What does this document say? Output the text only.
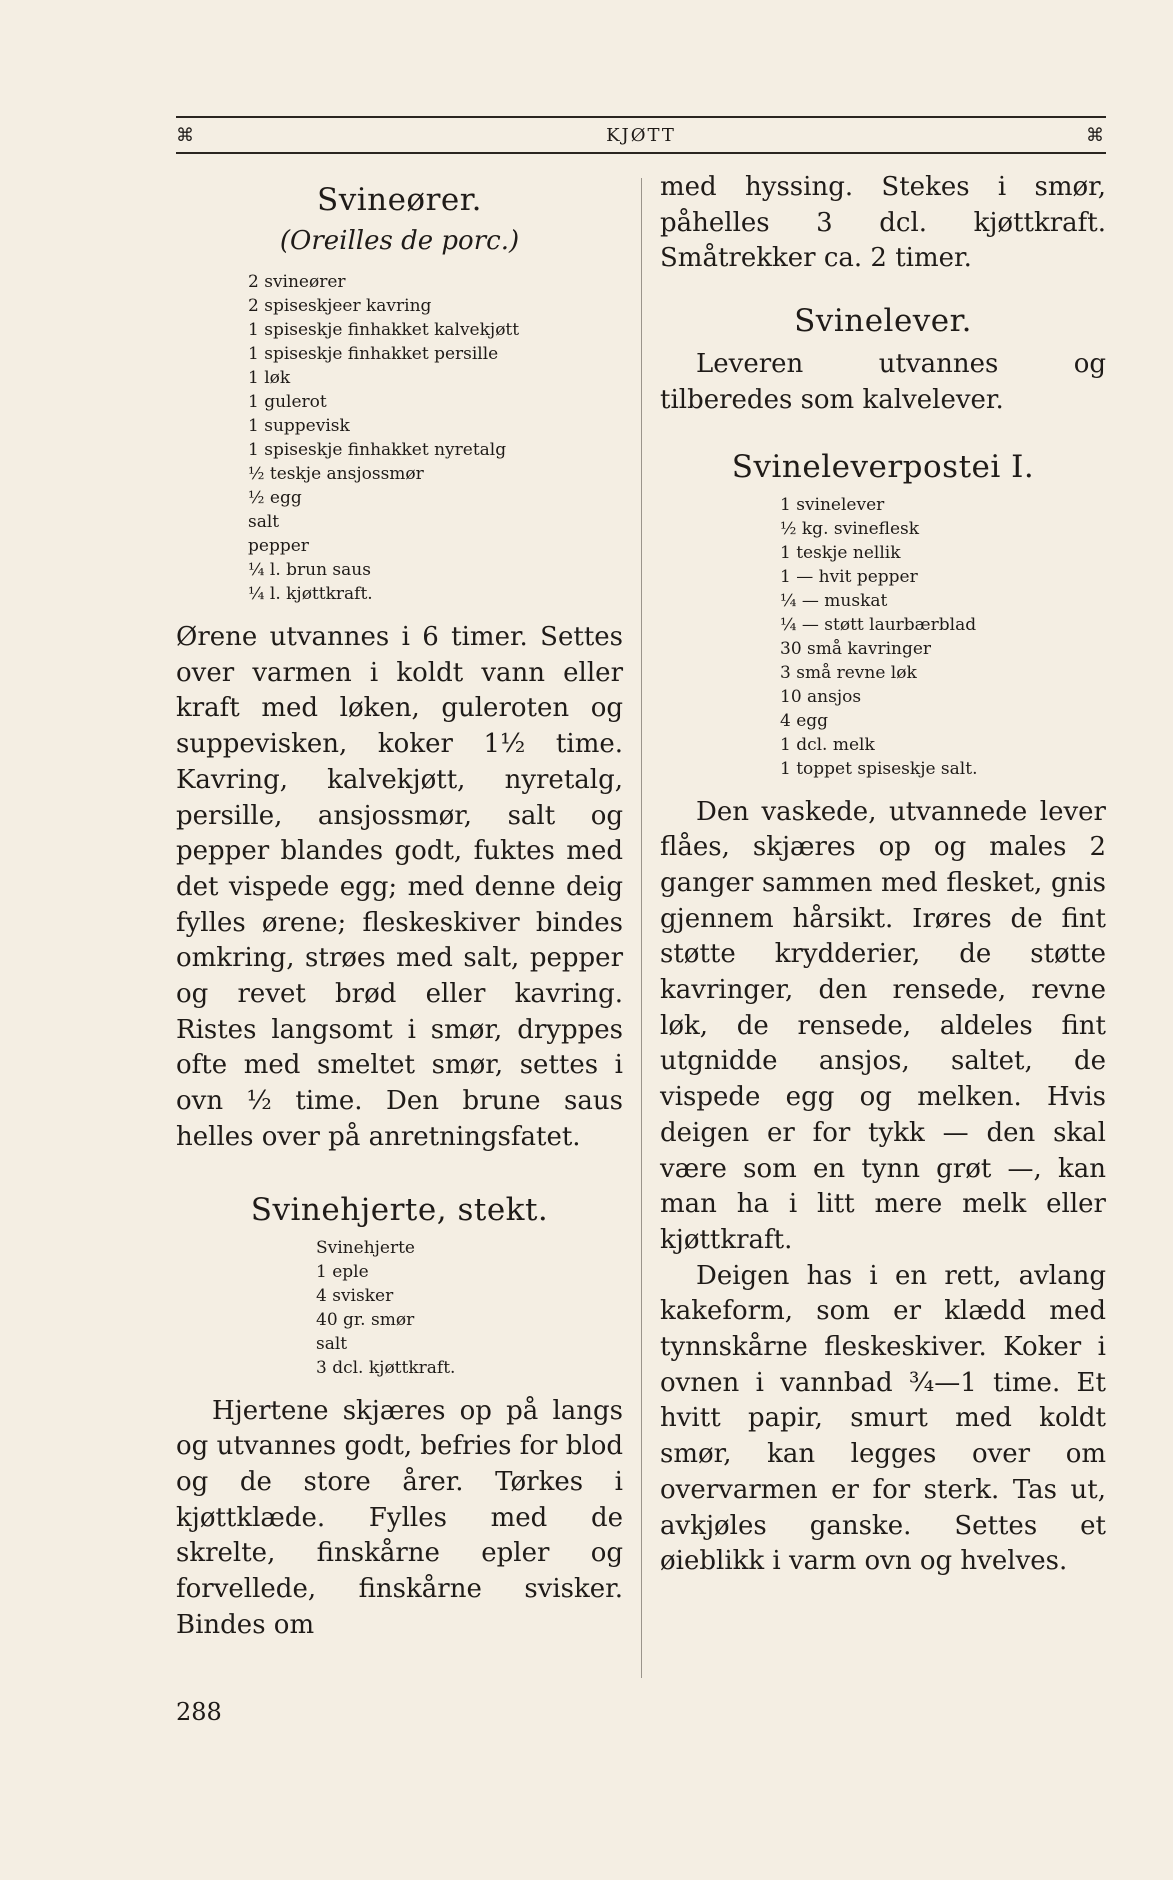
⌘	KJØTT	⌘
Svineører.
(Oreilles de porc.)
2 svineører
2 spiseskjeer kavring
1 spiseskje finhakket kalvekjøtt
1 spiseskje finhakket persille
1 løk
1 gulerot
1 suppevisk
1 spiseskje finhakket nyretalg
½ teskje ansjossmør
½ egg
salt
pepper
¼ l. brun saus
¼ l. kjøttkraft.

Ørene utvannes i 6 timer. Settes over varmen i koldt vann eller kraft med løken, guleroten og suppevisken, koker 1½ time. Kavring, kalvekjøtt, nyretalg, persille, ansjossmør, salt og pepper blandes godt, fuktes med det vispede egg; med denne deig fylles ørene; fleskeskiver bindes omkring, strøes med salt, pepper og revet brød eller kavring. Ristes langsomt i smør, dryppes ofte med smeltet smør, settes i ovn ½ time. Den brune saus helles over på anretningsfatet.

Svinehjerte, stekt.
Svinehjerte
1 eple
4 svisker
40 gr. smør
salt
3 dcl. kjøttkraft.

Hjertene skjæres op på langs og utvannes godt, befries for blod og de store årer. Tørkes i kjøttklæde. Fylles med de skrelte, finskårne epler og forvellede, finskårne svisker. Bindes om

med hyssing. Stekes i smør, påhelles 3 dcl. kjøttkraft. Småtrekker ca. 2 timer.

Svinelever.

Leveren utvannes og tilberedes som kalvelever.

Svineleverpostei I.
1 svinelever
½ kg. svineflesk
1 teskje nellik
1 — hvit pepper
¼ — muskat
¼ — støtt laurbærblad
30 små kavringer
3 små revne løk
10 ansjos
4 egg
1 dcl. melk
1 toppet spiseskje salt.

Den vaskede, utvannede lever flåes, skjæres op og males 2 ganger sammen med flesket, gnis gjennem hårsikt. Irøres de fint støtte krydderier, de støtte kavringer, den rensede, revne løk, de rensede, aldeles fint utgnidde ansjos, saltet, de vispede egg og melken. Hvis deigen er for tykk — den skal være som en tynn grøt —, kan man ha i litt mere melk eller kjøttkraft.

Deigen has i en rett, avlang kakeform, som er klædd med tynnskårne fleskeskiver. Koker i ovnen i vannbad ¾—1 time. Et hvitt papir, smurt med koldt smør, kan legges over om overvarmen er for sterk. Tas ut, avkjøles ganske. Settes et øieblikk i varm ovn og hvelves.

288
